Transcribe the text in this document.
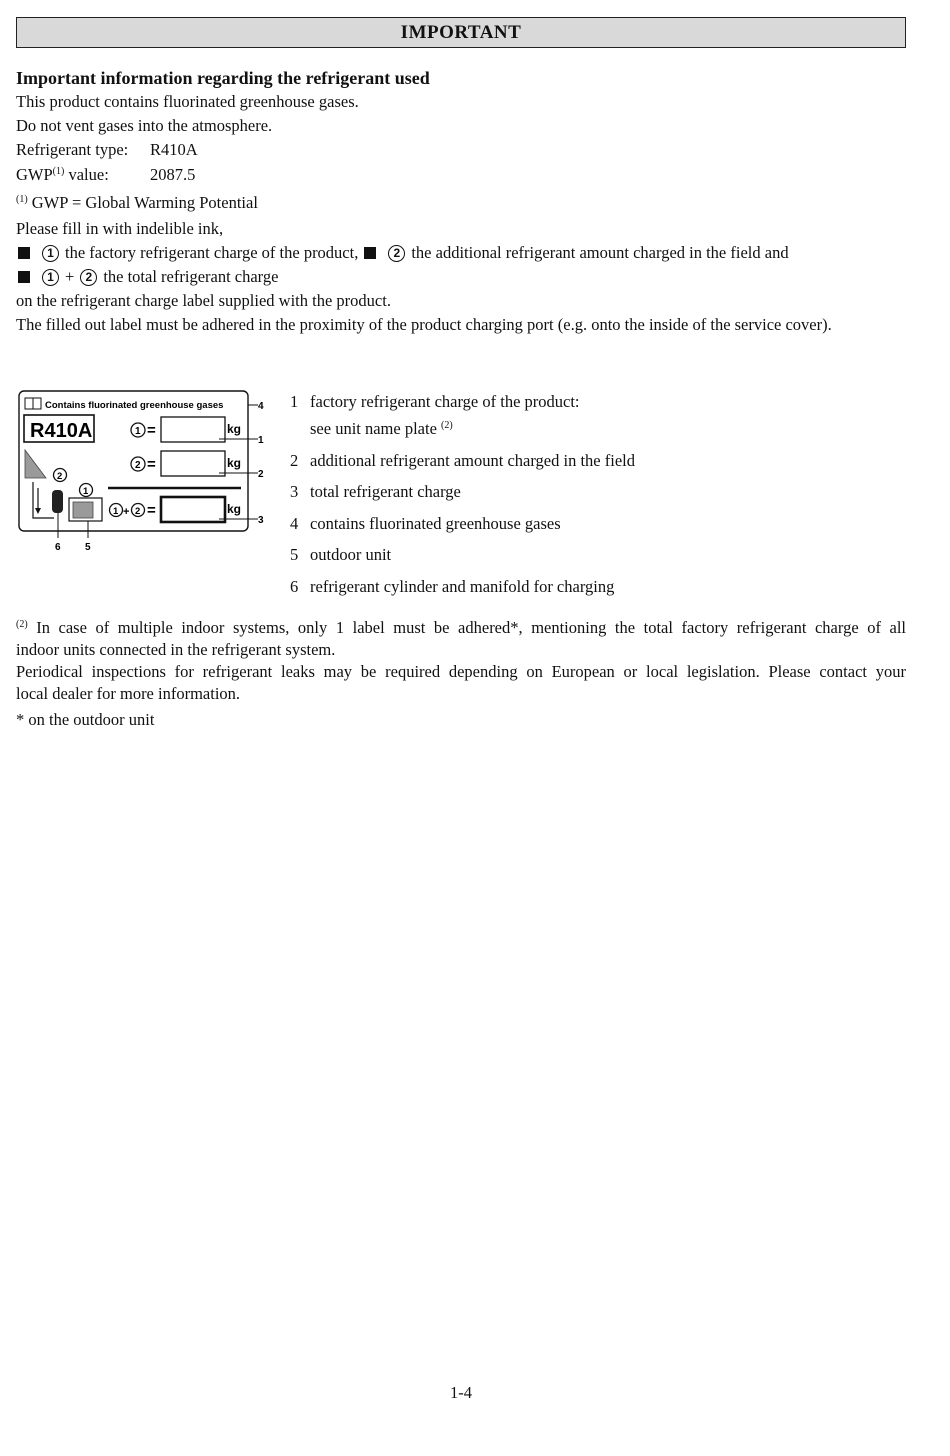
IMPORTANT
Important information regarding the refrigerant used
This product contains fluorinated greenhouse gases.
Do not vent gases into the atmosphere.
Refrigerant type: R410A
GWP$^{(1)}$ value: 2087.5
$^{(1)}$ GWP = Global Warming Potential
Please fill in with indelible ink,
1 the factory refrigerant charge of the product,
	2 the additional refrigerant amount charged in the field and

1 + 2 the total refrigerant charge
on the refrigerant charge label supplied with the product.
The filled out label must be adhered in the proximity of the product charging port (e.g. onto the inside of the service cover).
Contains fluorinated greenhouse gases
R410A	1 =	kg
2 =	kg
1 + 2 =	kg
2
1
4
1
2
3
6 5
1 factory refrigerant charge of the product:
see unit name plate $^{(2)}$
2 additional refrigerant amount charged in the field
3 total refrigerant charge
4 contains fluorinated greenhouse gases
5 outdoor unit
6 refrigerant cylinder and manifold for charging
$^{(2)}$ In case of multiple indoor systems, only 1 label must be adhered*, mentioning the total factory refrigerant charge of all
indoor units connected in the refrigerant system.
Periodical inspections for refrigerant leaks may be required depending on European or local legislation. Please contact your
local dealer for more information.
* on the outdoor unit
1-4
